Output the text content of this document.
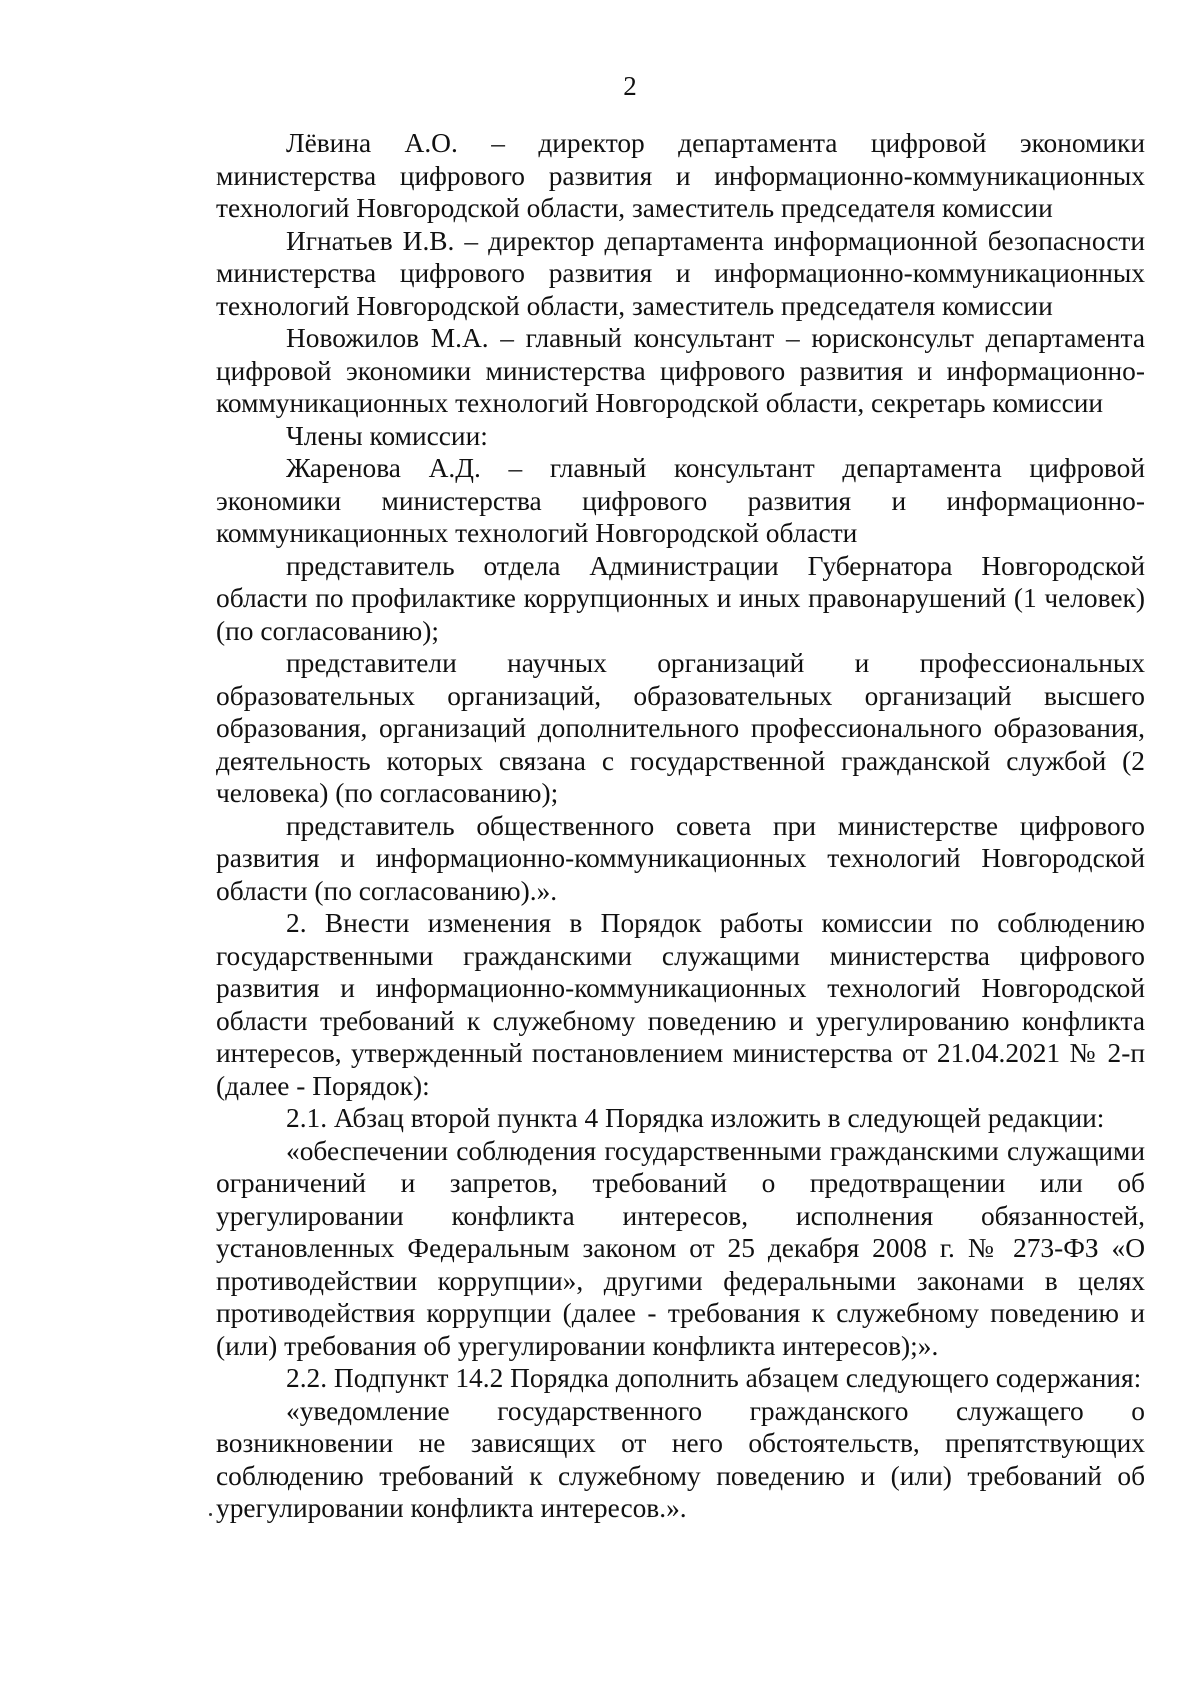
2

Лёвина А.О. – директор департамента цифровой экономики министерства цифрового развития и информационно-коммуникационных технологий Новгородской области, заместитель председателя комиссии

Игнатьев И.В. – директор департамента информационной безопасности министерства цифрового развития и информационно-коммуникационных технологий Новгородской области, заместитель председателя комиссии

Новожилов М.А. – главный консультант – юрисконсульт департамента цифровой экономики министерства цифрового развития и информационно-коммуникационных технологий Новгородской области, секретарь комиссии

Члены комиссии:

Жаренова А.Д. – главный консультант департамента цифровой экономики министерства цифрового развития и информационно-коммуникационных технологий Новгородской области

представитель отдела Администрации Губернатора Новгородской области по профилактике коррупционных и иных правонарушений (1 человек) (по согласованию);

представители научных организаций и профессиональных образовательных организаций, образовательных организаций высшего образования, организаций дополнительного профессионального образования, деятельность которых связана с государственной гражданской службой (2 человека) (по согласованию);

представитель общественного совета при министерстве цифрового развития и информационно-коммуникационных технологий Новгородской области (по согласованию).».

2. Внести изменения в Порядок работы комиссии по соблюдению государственными гражданскими служащими министерства цифрового развития и информационно-коммуникационных технологий Новгородской области требований к служебному поведению и урегулированию конфликта интересов, утвержденный постановлением министерства от 21.04.2021 № 2-п (далее - Порядок):

2.1. Абзац второй пункта 4 Порядка изложить в следующей редакции:

«обеспечении соблюдения государственными гражданскими служащими ограничений и запретов, требований о предотвращении или об урегулировании конфликта интересов, исполнения обязанностей, установленных Федеральным законом от 25 декабря 2008 г. № 273-ФЗ «О противодействии коррупции», другими федеральными законами в целях противодействия коррупции (далее - требования к служебному поведению и (или) требования об урегулировании конфликта интересов);».

2.2. Подпункт 14.2 Порядка дополнить абзацем следующего содержания:

«уведомление государственного гражданского служащего о возникновении не зависящих от него обстоятельств, препятствующих соблюдению требований к служебному поведению и (или) требований об урегулировании конфликта интересов.».
